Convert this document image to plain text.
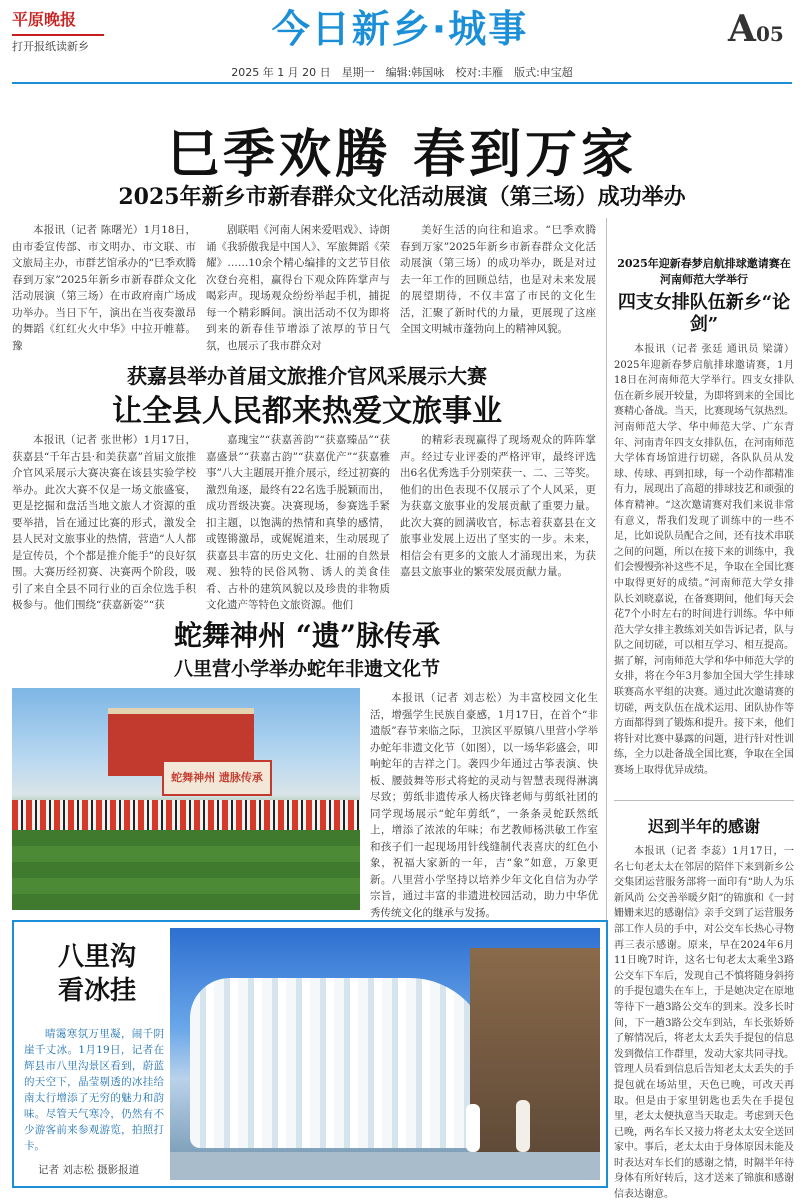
平原晚报
打开报纸读新乡	今日新乡·城事	A05
2025 年 1 月 20 日　星期一　编辑:韩国咏　校对:丰雁　版式:申宝超
巳季欢腾 春到万家
2025年新乡市新春群众文化活动展演（第三场）成功举办

本报讯（记者 陈曙光）1月18日，由市委宣传部、市文明办、市文联、市文旅局主办，市群艺馆承办的“巳季欢腾 春到万家”2025年新乡市新春群众文化活动展演（第三场）在市政府南广场成功举办。当日下午，演出在当夜奏激昂的舞蹈《红红火火中华》中拉开帷幕。豫

剧联唱《河南人闲来爱唱戏》、诗朗诵《我骄傲我是中国人》、军旅舞蹈《荣耀》……10余个精心编排的文艺节目依次登台亮相，赢得台下观众阵阵掌声与喝彩声。现场观众纷纷举起手机，捕捉每一个精彩瞬间。演出活动不仅为即将到来的新春佳节增添了浓厚的节日气氛，也展示了我市群众对

美好生活的向往和追求。“巳季欢腾 春到万家”2025年新乡市新春群众文化活动展演（第三场）的成功举办，既是对过去一年工作的回顾总结，也是对未来发展的展望期待，不仅丰富了市民的文化生活，汇聚了新时代的力量，更展现了这座全国文明城市蓬勃向上的精神风貌。

获嘉县举办首届文旅推介官风采展示大赛
让全县人民都来热爱文旅事业

本报讯（记者 张世彬）1月17日，获嘉县“千年古县·和美获嘉”首届文旅推介官风采展示大赛决赛在该县实验学校举办。此次大赛不仅是一场文旅盛宴，更是挖掘和盘活当地文旅人才资源的重要举措，旨在通过比赛的形式，激发全县人民对文旅事业的热情，营造“人人都是宣传员，个个都是推介能手”的良好氛围。大赛历经初赛、决赛两个阶段，吸引了来自全县不同行业的百余位选手积极参与。他们围绕“获嘉新姿”“获

嘉瑰宝”“获嘉善韵”“获嘉臻品”“获嘉盛景”“获嘉古韵”“获嘉优产”“获嘉雅事”八大主题展开推介展示，经过初赛的激烈角逐，最终有22名选手脱颖而出，成功晋级决赛。决赛现场，参赛选手紧扣主题，以饱满的热情和真挚的感情，或铿锵激昂，或娓娓道来，生动展现了获嘉县丰富的历史文化、壮丽的自然景观、独特的民俗风物、诱人的美食佳肴、古朴的建筑风貌以及珍贵的非物质文化遗产等特色文旅资源。他们

的精彩表现赢得了现场观众的阵阵掌声。经过专业评委的严格评审，最终评选出6名优秀选手分别荣获一、二、三等奖。他们的出色表现不仅展示了个人风采，更为获嘉文旅事业的发展贡献了重要力量。此次大赛的圆满收官，标志着获嘉县在文旅事业发展上迈出了坚实的一步。未来，相信会有更多的文旅人才涌现出来，为获嘉县文旅事业的繁荣发展贡献力量。

蛇舞神州 “遗”脉传承
八里营小学举办蛇年非遗文化节
蛇舞神州 遗脉传承

本报讯（记者 刘志松）为丰富校园文化生活，增强学生民族自豪感，1月17日，在首个“非遗版”春节来临之际，卫滨区平原镇八里营小学举办蛇年非遗文化节（如图），以一场华彩盛会，叩响蛇年的吉祥之门。袭四少年通过古筝表演、快板、腰鼓舞等形式将蛇的灵动与智慧表现得淋漓尽致；剪纸非遗传承人杨庆锋老师与剪纸社团的同学现场展示“蛇年剪纸”，一条条灵蛇跃然纸上，增添了浓浓的年味；布艺教师杨洪敏工作室和孩子们一起现场用针线缝制代表喜庆的红色小象，祝福大家新的一年，吉“象”如意，万象更新。八里营小学坚持以培养少年文化自信为办学宗旨，通过丰富的非遗进校园活动，助力中华优秀传统文化的继承与发扬。

八里沟
看冰挂

晴霭寒氛万里凝，闹千阴崖千丈冰。1月19日，记者在辉县市八里沟景区看到，蔚蓝的天空下，晶莹剔透的冰挂给南太行增添了无穷的魅力和韵味。尽管天气寒冷，仍然有不少游客前来参观游览，拍照打卡。

记者 刘志松 摄影报道
2025年迎新春梦启航排球邀请赛在河南师范大学举行
四支女排队伍新乡“论剑”

本报讯（记者 张廷 通讯员 梁潇）2025年迎新春梦启航排球邀请赛，1月18日在河南师范大学举行。四支女排队伍在新乡展开较量，为即将到来的全国比赛精心备战。当天，比赛现场气氛热烈。河南师范大学、华中师范大学、广东青年、河南青年四支女排队伍，在河南师范大学体育场馆进行切磋，各队队员从发球、传球、再到扣球，每一个动作都精准有力，展现出了高超的排球技艺和顽强的体育精神。“这次邀请赛对我们来说非常有意义，帮我们发现了训练中的一些不足，比如说队员配合之间，还有技术串联之间的问题，所以在接下来的训练中，我们会慢慢弥补这些不足，争取在全国比赛中取得更好的成绩。”河南师范大学女排队长刘晓嘉说，在备赛期间，他们每天会花7个小时左右的时间进行训练。华中师范大学女排主教练刘关如告诉记者，队与队之间切磋，可以相互学习、相互提高。据了解，河南师范大学和华中师范大学的女排，将在今年3月参加全国大学生排球联赛高水平组的决赛。通过此次邀请赛的切磋，两支队伍在战术运用、团队协作等方面都得到了锻炼和提升。接下来，他们将针对比赛中暴露的问题，进行针对性训练，全力以赴备战全国比赛，争取在全国赛场上取得优异成绩。

迟到半年的感谢

本报讯（记者 李蕊）1月17日，一名七旬老太太在邻居的陪伴下来到新乡公交集团运营服务部将一面印有“助人为乐新风尚 公交善举暖夕阳”的锦旗和《一封姗姗来迟的感谢信》亲手交到了运营服务部工作人员的手中，对公交车长热心寻物再三表示感谢。原来，早在2024年6月11日晚7时许，这名七旬老太太乘坐3路公交车下车后，发现自己不慎将随身斜挎的手提包遗失在车上，于是她决定在原地等待下一趟3路公交车的到来。没多长时间，下一趟3路公交车到站，车长张娇娇了解情况后，将老太太丢失手提包的信息发到微信工作群里，发动大家共同寻找。管理人员看到信息后告知老太太丢失的手提包就在场站里，天色已晚，可改天再取。但是由于家里钥匙也丢失在手提包里，老太太便执意当天取走。考虑到天色已晚，两名车长又接力将老太太安全送回家中。事后，老太太由于身体原因未能及时表达对车长们的感谢之情，时隔半年待身体有所好转后，这才送来了锦旗和感谢信表达谢意。
